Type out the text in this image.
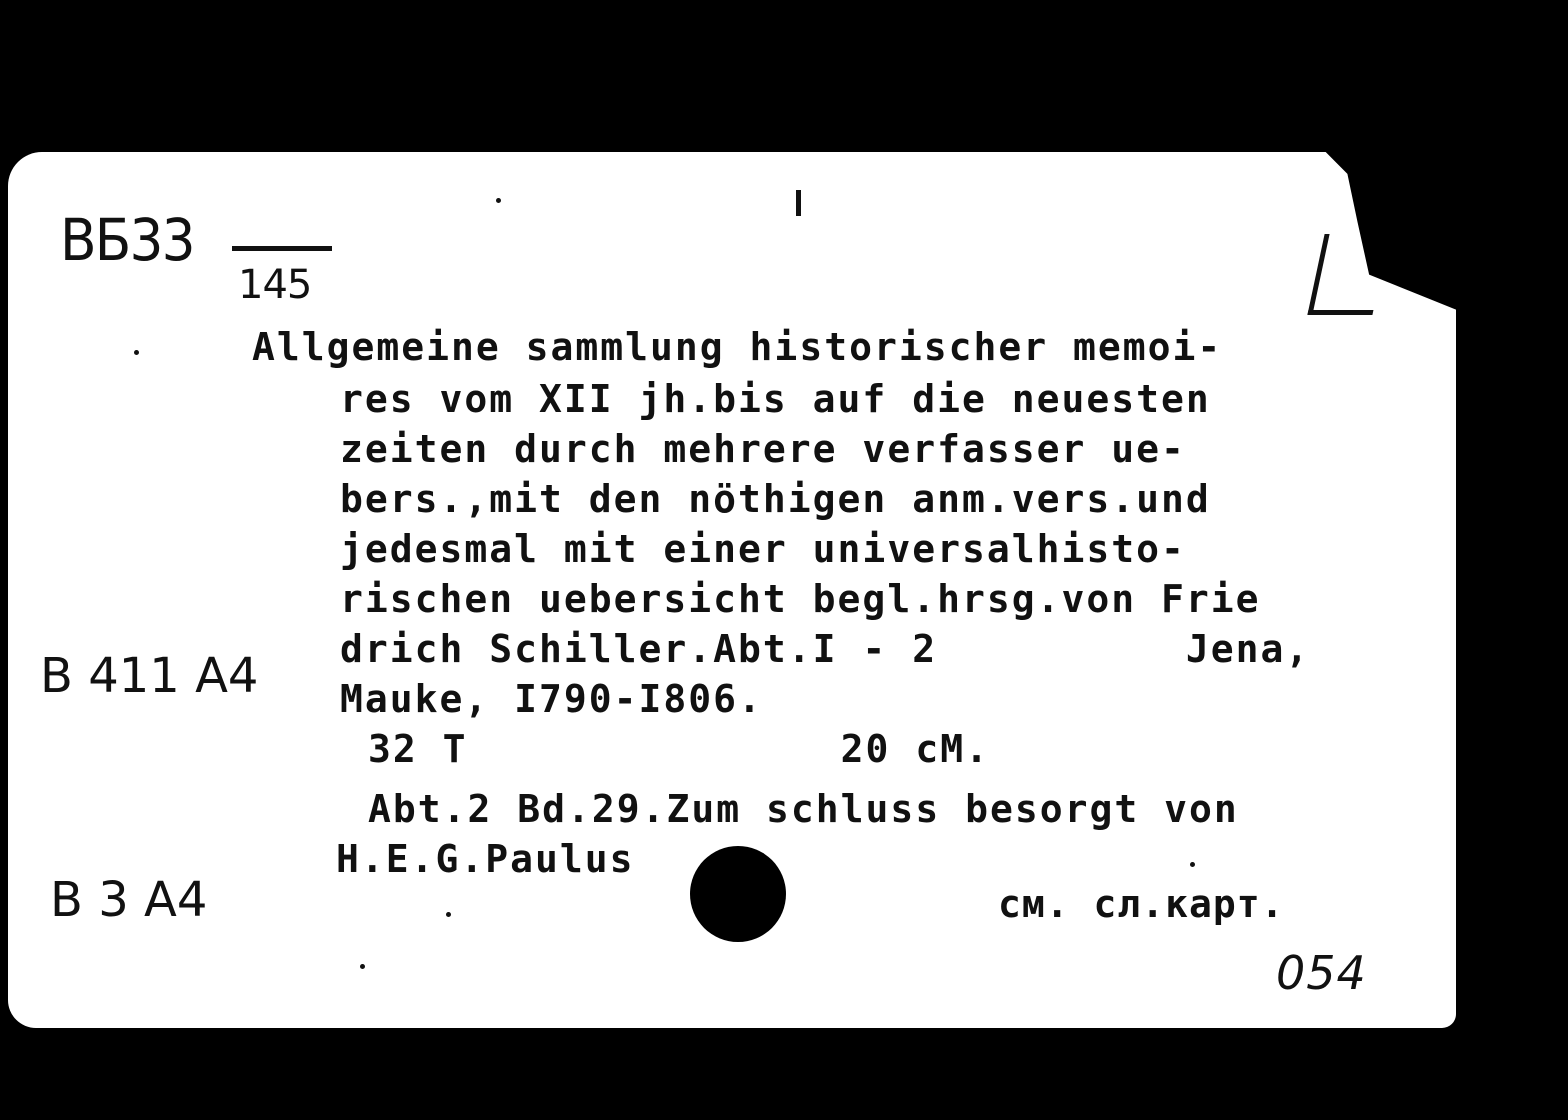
BБ33
145
Allgemeine sammlung historischer memoi-
res vom XII jh.bis auf die neuesten
zeiten durch mehrere verfasser ue-
bers.,mit den nöthigen anm.vers.und
jedesmal mit einer universalhisto-
rischen uebersicht begl.hrsg.von Frie
drich Schiller.Abt.I - 2          Jena,
Mauke, I790-I806.
32 T               20 cM.
Abt.2 Bd.29.Zum schluss besorgt von
H.E.G.Paulus
B 411 A4
B 3 A4	см. сл.карт.
054
